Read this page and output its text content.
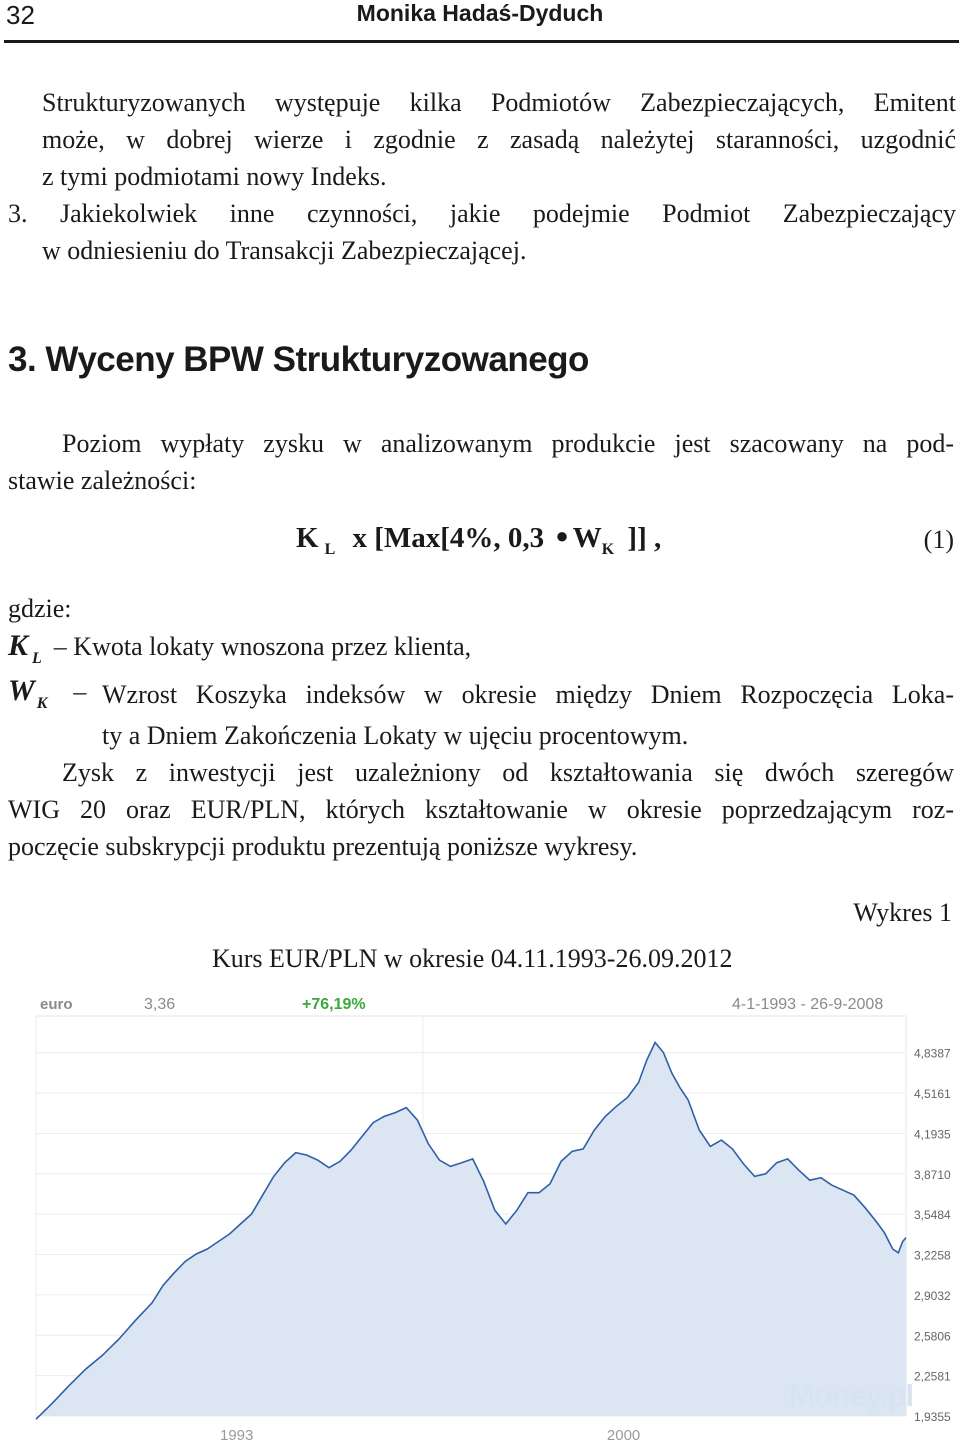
32	Monika Hadaś-Dyduch
Strukturyzowanych występuje kilka Podmiotów Zabezpieczających, Emitent
może, w dobrej wierze i zgodnie z zasadą należytej staranności, uzgodnić
z tymi podmiotami nowy Indeks.
3. Jakiekolwiek inne czynności, jakie podejmie Podmiot Zabezpieczający
w odniesieniu do Transakcji Zabezpieczającej.
3. Wyceny BPW Strukturyzowanego
Poziom wypłaty zysku w analizowanym produkcie jest szacowany na pod-
stawie zależności:
K $_L$ x [Max[4%, 0,3 ● $W_K$ ]] ,	(1)
gdzie:
K L – Kwota lokaty wnoszona przez klienta,
W K – Wzrost Koszyka indeksów w okresie między Dniem Rozpoczęcia Loka-
ty a Dniem Zakończenia Lokaty w ujęciu procentowym.
Zysk z inwestycji jest uzależniony od kształtowania się dwóch szeregów
WIG 20 oraz EUR/PLN, których kształtowanie w okresie poprzedzającym roz-
poczęcie subskrypcji produktu prezentują poniższe wykresy.
Wykres 1
Kurs EUR/PLN w okresie 04.11.1993-26.09.2012
euro	3,36	+76,19%	4-1-1993 - 26-9-2008
4,8387
4,5161
4,1935
3,8710
3,5484
3,2258
2,9032
2,5806
2,2581
1,9355
1993	2000
Money.pl
